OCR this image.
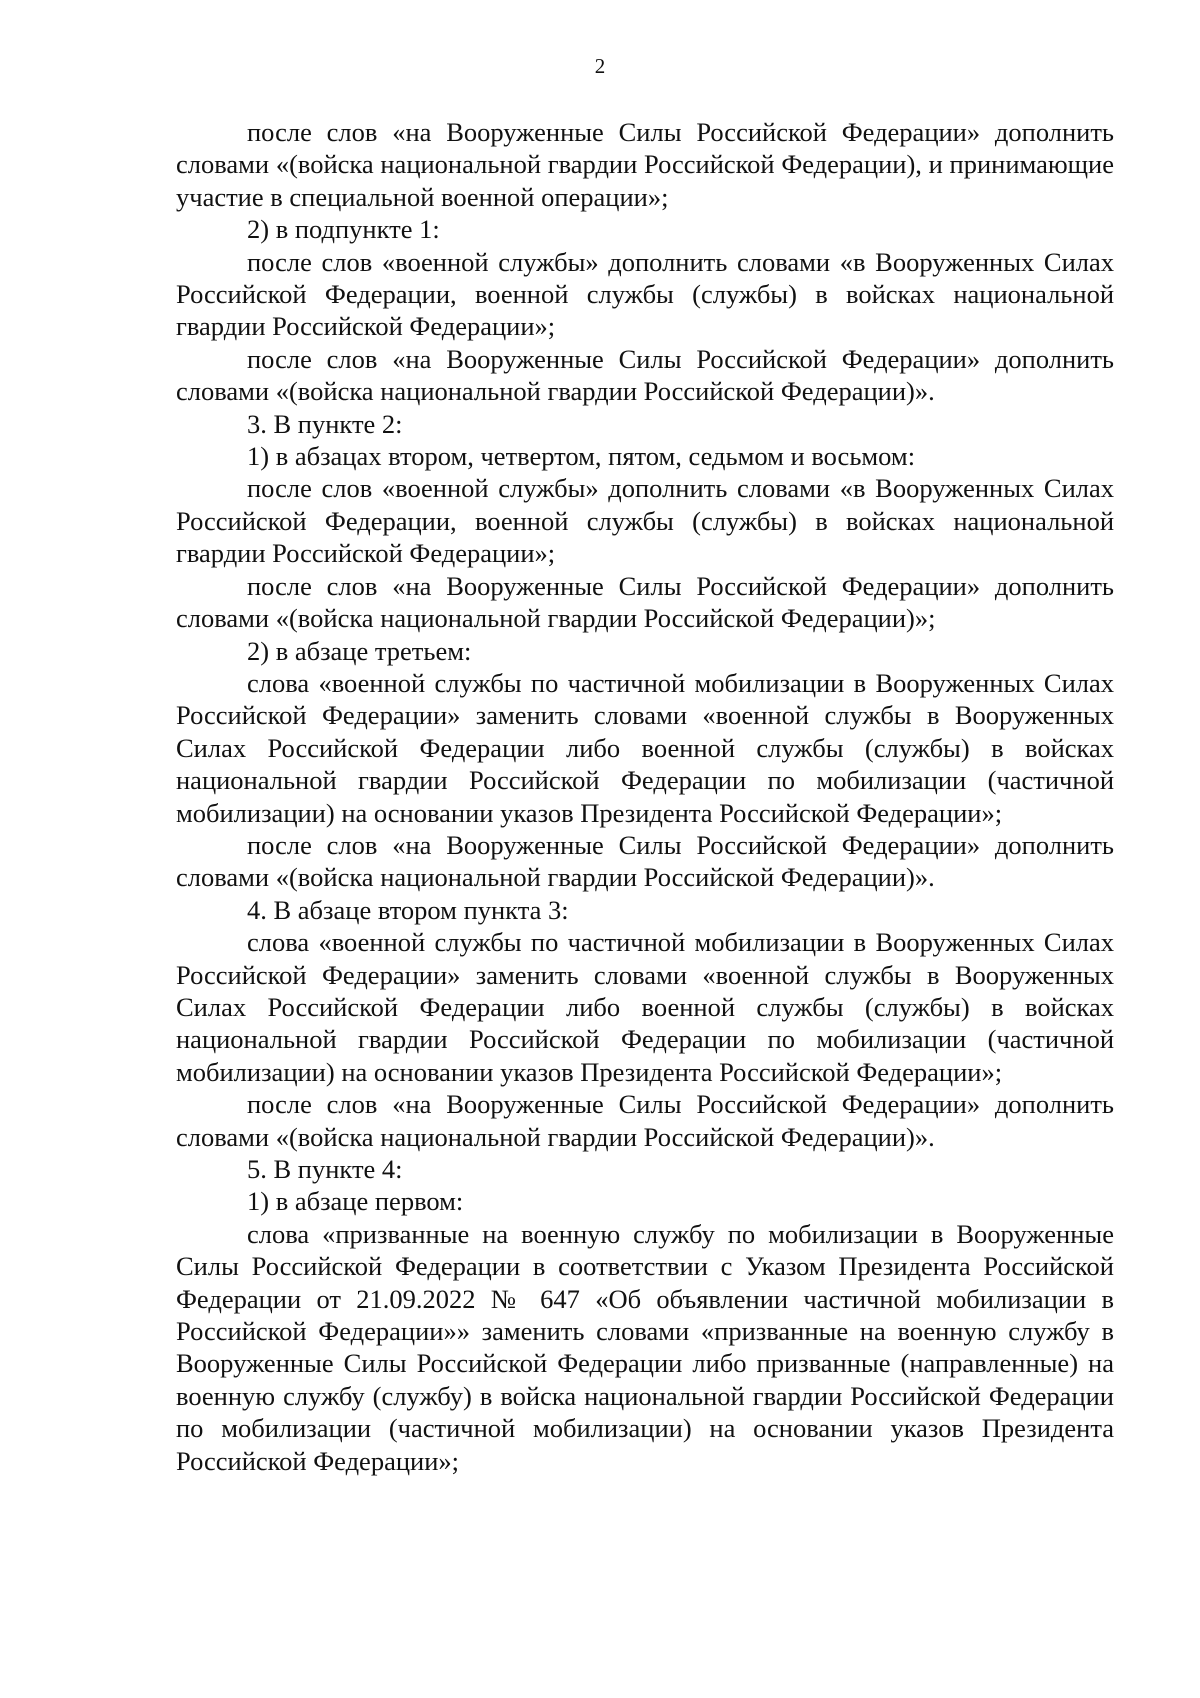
2

после слов «на Вооруженные Силы Российской Федерации» дополнить словами «(войска национальной гвардии Российской Федерации), и принимающие участие в специальной военной операции»;

2) в подпункте 1:

после слов «военной службы» дополнить словами «в Вооруженных Силах Российской Федерации, военной службы (службы) в войсках национальной гвардии Российской Федерации»;

после слов «на Вооруженные Силы Российской Федерации» дополнить словами «(войска национальной гвардии Российской Федерации)».

3. В пункте 2:

1) в абзацах втором, четвертом, пятом, седьмом и восьмом:

после слов «военной службы» дополнить словами «в Вооруженных Силах Российской Федерации, военной службы (службы) в войсках национальной гвардии Российской Федерации»;

после слов «на Вооруженные Силы Российской Федерации» дополнить словами «(войска национальной гвардии Российской Федерации)»;

2) в абзаце третьем:

слова «военной службы по частичной мобилизации в Вооруженных Силах Российской Федерации» заменить словами «военной службы в Вооруженных Силах Российской Федерации либо военной службы (службы) в войсках национальной гвардии Российской Федерации по мобилизации (частичной мобилизации) на основании указов Президента Российской Федерации»;

после слов «на Вооруженные Силы Российской Федерации» дополнить словами «(войска национальной гвардии Российской Федерации)».

4. В абзаце втором пункта 3:

слова «военной службы по частичной мобилизации в Вооруженных Силах Российской Федерации» заменить словами «военной службы в Вооруженных Силах Российской Федерации либо военной службы (службы) в войсках национальной гвардии Российской Федерации по мобилизации (частичной мобилизации) на основании указов Президента Российской Федерации»;

после слов «на Вооруженные Силы Российской Федерации» дополнить словами «(войска национальной гвардии Российской Федерации)».

5. В пункте 4:

1) в абзаце первом:

слова «призванные на военную службу по мобилизации в Вооруженные Силы Российской Федерации в соответствии с Указом Президента Российской Федерации от 21.09.2022 № 647 «Об объявлении частичной мобилизации в Российской Федерации»» заменить словами «призванные на военную службу в Вооруженные Силы Российской Федерации либо призванные (направленные) на военную службу (службу) в войска национальной гвардии Российской Федерации по мобилизации (частичной мобилизации) на основании указов Президента Российской Федерации»;
